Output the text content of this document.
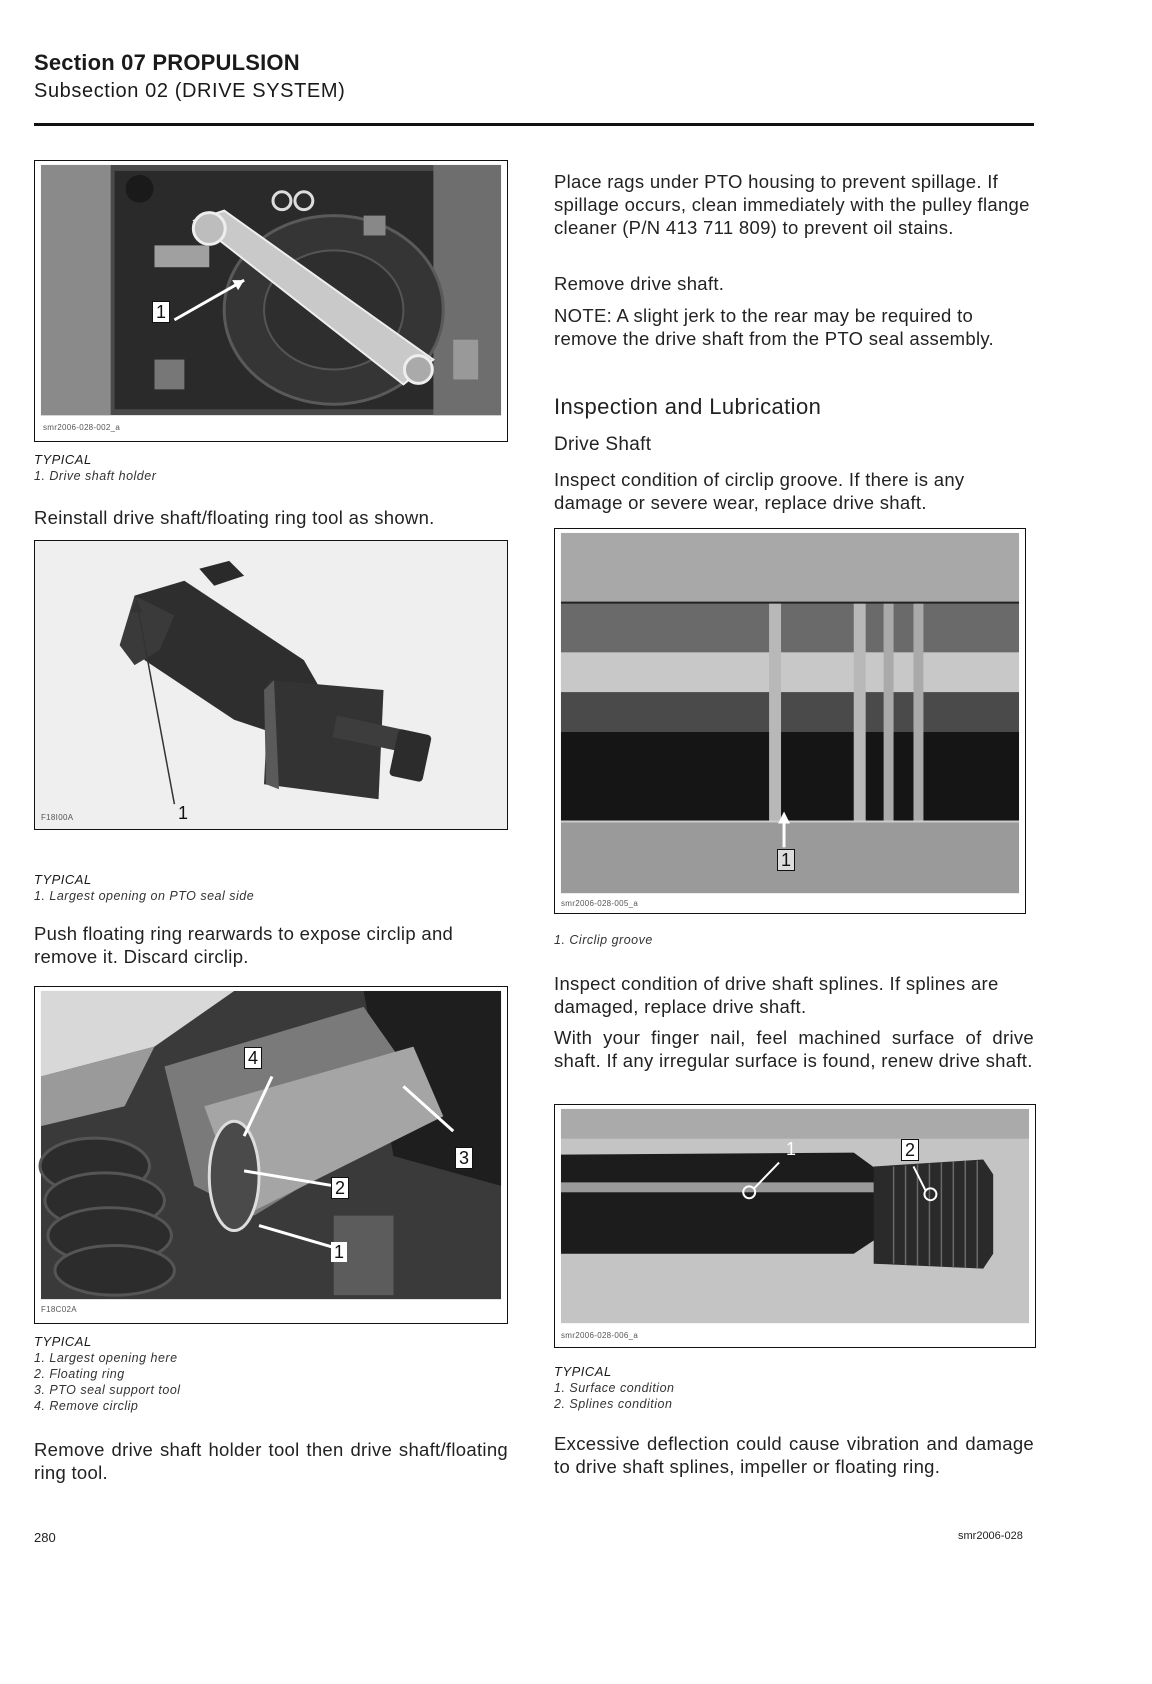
Section 07 PROPULSION
Subsection 02 (DRIVE SYSTEM)
1
smr2006-028-002_a
TYPICAL
1. Drive shaft holder
Reinstall drive shaft/floating ring tool as shown.
1
F18I00A
TYPICAL
1. Largest opening on PTO seal side
Push floating ring rearwards to expose circlip and remove it. Discard circlip.
4
3
2
1
F18C02A
TYPICAL
1. Largest opening here
2. Floating ring
3. PTO seal support tool
4. Remove circlip
Remove drive shaft holder tool then drive shaft/floating ring tool.
Place rags under PTO housing to prevent spillage. If spillage occurs, clean immediately with the pulley flange cleaner (P/N 413 711 809) to prevent oil stains.
Remove drive shaft.
NOTE: A slight jerk to the rear may be required to remove the drive shaft from the PTO seal assembly.
Inspection and Lubrication
Drive Shaft
Inspect condition of circlip groove. If there is any damage or severe wear, replace drive shaft.
1
smr2006-028-005_a
1. Circlip groove
Inspect condition of drive shaft splines. If splines are damaged, replace drive shaft.
With your finger nail, feel machined surface of drive shaft. If any irregular surface is found, renew drive shaft.
1	2
smr2006-028-006_a
TYPICAL
1. Surface condition
2. Splines condition
Excessive deflection could cause vibration and damage to drive shaft splines, impeller or floating ring.
280	smr2006-028
